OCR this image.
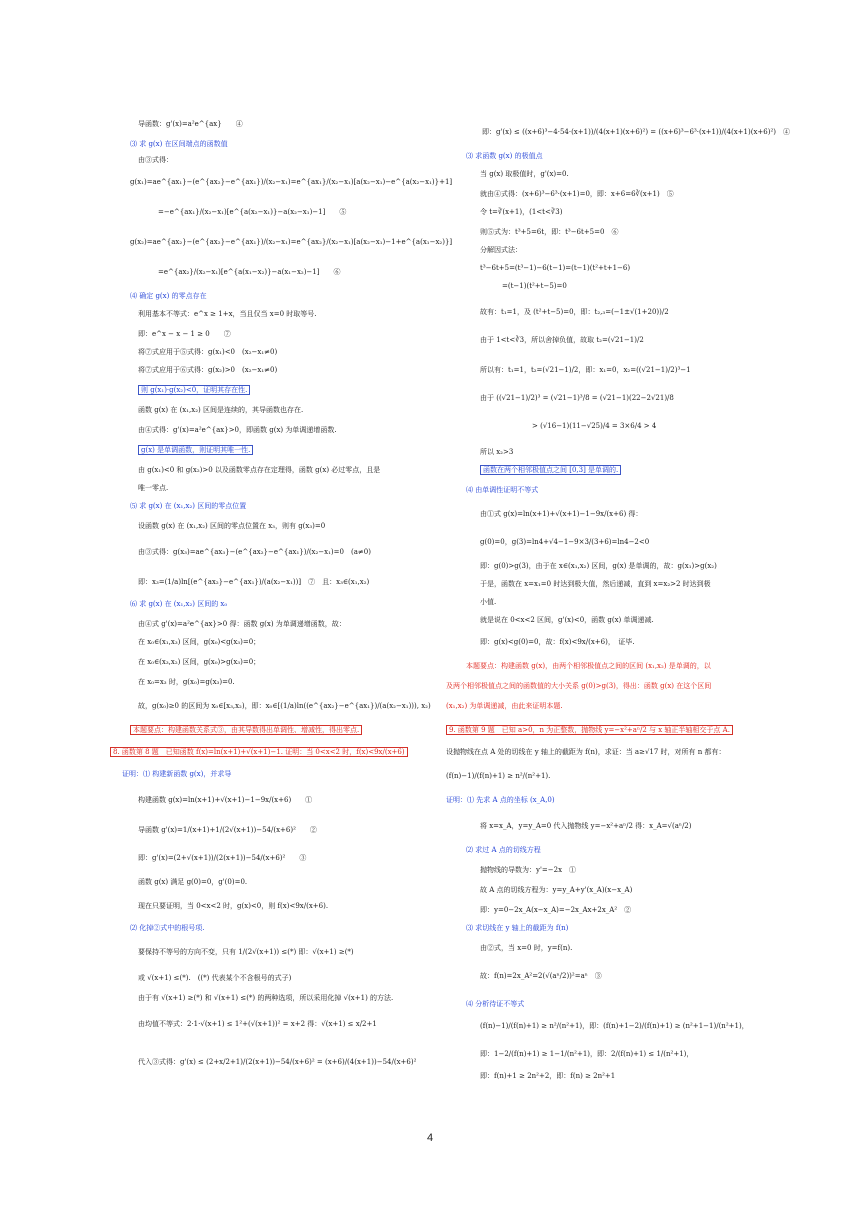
导函数：g'(x)=a²e^{ax}　　④
⑶ 求 g(x) 在区间端点的函数值
由③式得：
g(x₁)=ae^{ax₁}−(e^{ax₂}−e^{ax₁})/(x₂−x₁)=e^{ax₁}/(x₂−x₁)[a(x₂−x₁)−e^{a(x₂−x₁)}+1]
=−e^{ax₁}/(x₂−x₁)[e^{a(x₂−x₁)}−a(x₂−x₁)−1]　　⑤
g(x₂)=ae^{ax₂}−(e^{ax₂}−e^{ax₁})/(x₂−x₁)=e^{ax₂}/(x₂−x₁)[a(x₂−x₁)−1+e^{a(x₁−x₂)}]
=e^{ax₂}/(x₂−x₁)[e^{a(x₁−x₂)}−a(x₁−x₂)−1]　　⑥
⑷ 确定 g(x) 的零点存在
利用基本不等式：e^x ≥ 1+x，当且仅当 x=0 时取等号.
即：e^x − x − 1 ≥ 0　　⑦
将⑦式应用于⑤式得：g(x₁)<0　(x₂−x₁≠0)
将⑦式应用于⑥式得：g(x₂)>0　(x₂−x₁≠0)
则 g(x₁)·g(x₂)<0，证明其存在性.
函数 g(x) 在 (x₁,x₂) 区间是连续的，其导函数也存在.
由④式得：g'(x)=a²e^{ax}>0，即函数 g(x) 为单调递增函数.
g(x) 是单调函数，则证明其唯一性.
由 g(x₁)<0 和 g(x₂)>0 以及函数零点存在定理得，函数 g(x) 必过零点，且是
唯一零点.
⑸ 求 g(x) 在 (x₁,x₂) 区间的零点位置
设函数 g(x) 在 (x₁,x₂) 区间的零点位置在 x₃，则有 g(x₃)=0
由③式得：g(x₃)=ae^{ax₃}−(e^{ax₂}−e^{ax₁})/(x₂−x₁)=0　(a≠0)
即：x₃=(1/a)ln[(e^{ax₂}−e^{ax₁})/(a(x₂−x₁))]　⑦　且：x₃∈(x₁,x₂)
⑹ 求 g(x) 在 (x₁,x₂) 区间的 x₀
由④式 g'(x)=a²e^{ax}>0 得：函数 g(x) 为单调递增函数，故：
在 x₀∈(x₁,x₃) 区间，g(x₀)<g(x₃)=0；
在 x₀∈(x₃,x₂) 区间，g(x₀)>g(x₃)=0；
在 x₀=x₃ 时，g(x₀)=g(x₃)=0.
故，g(x₀)≥0 的区间为 x₀∈[x₃,x₂)，即：x₀∈[(1/a)ln((e^{ax₂}−e^{ax₁})/(a(x₂−x₁))), x₂)
本题要点：构建函数关系式③，由其导数得出单调性、增减性，得出零点.
8. 函数第 8 题　已知函数 f(x)=ln(x+1)+√(x+1)−1. 证明：当 0<x<2 时，f(x)<9x/(x+6)
证明：⑴ 构建新函数 g(x)，并求导
构建函数 g(x)=ln(x+1)+√(x+1)−1−9x/(x+6)　　①
导函数 g'(x)=1/(x+1)+1/(2√(x+1))−54/(x+6)²　　②
即：g'(x)=(2+√(x+1))/(2(x+1))−54/(x+6)²　　③
函数 g(x) 满足 g(0)=0，g'(0)=0.
现在只要证明，当 0<x<2 时，g(x)<0，则 f(x)<9x/(x+6).
⑵ 化掉②式中的根号项.
要保持不等号的方向不变，只有 1/(2√(x+1)) ≤(*) 即：√(x+1) ≥(*)
或 √(x+1) ≤(*).　((*) 代表某个不含根号的式子)
由于有 √(x+1) ≥(*) 和 √(x+1) ≤(*) 的两种选项，所以采用化掉 √(x+1) 的方法.
由均值不等式：2·1·√(x+1) ≤ 1²+(√(x+1))² = x+2 得：√(x+1) ≤ x/2+1
代入③式得：g'(x) ≤ (2+x/2+1)/(2(x+1))−54/(x+6)² = (x+6)/(4(x+1))−54/(x+6)²
即：g'(x) ≤ ((x+6)³−4·54·(x+1))/(4(x+1)(x+6)²) = ((x+6)³−6³·(x+1))/(4(x+1)(x+6)²)　④
⑶ 求函数 g(x) 的极值点
当 g(x) 取极值时，g'(x)=0.
就由④式得：(x+6)³−6³·(x+1)=0，即：x+6=6∛(x+1)　⑤
令 t=∛(x+1)，(1<t<∛3)
则⑤式为：t³+5=6t，即：t³−6t+5=0　⑥
分解因式法：
t³−6t+5=(t³−1)−6(t−1)=(t−1)(t²+t+1−6)
=(t−1)(t²+t−5)=0
故有：t₁=1，及 (t²+t−5)=0，即：t₂,₃=(−1±√(1+20))/2
由于 1<t<∛3，所以舍掉负值，故取 t₂=(√21−1)/2
所以有：t₁=1，t₂=(√21−1)/2，即：x₁=0，x₂=((√21−1)/2)³−1
由于 ((√21−1)/2)³ = (√21−1)³/8 = (√21−1)(22−2√21)/8
> (√16−1)(11−√25)/4 = 3×6/4 > 4
所以 x₂>3
函数在两个相邻极值点之间 [0,3] 是单调的.
⑷ 由单调性证明不等式
由①式 g(x)=ln(x+1)+√(x+1)−1−9x/(x+6) 得：
g(0)=0，g(3)=ln4+√4−1−9×3/(3+6)=ln4−2<0
即：g(0)>g(3)，由于在 x∈(x₁,x₂) 区间，g(x) 是单调的，故：g(x₁)>g(x₂)
于是，函数在 x=x₁=0 时达到极大值，然后递减，直到 x=x₂>2 时达到极
小值.
就是说在 0<x<2 区间，g'(x)<0，函数 g(x) 单调递减.
即：g(x)<g(0)=0，故：f(x)<9x/(x+6)，　证毕.
本题要点：构建函数 g(x)，由两个相邻极值点之间的区间 (x₁,x₂) 是单调的，以
及两个相邻极值点之间的函数值的大小关系 g(0)>g(3)，得出：函数 g(x) 在这个区间
(x₁,x₂) 为单调递减，由此来证明本题.
9. 函数第 9 题　已知 a>0，n 为正整数，抛物线 y=−x²+aⁿ/2 与 x 轴正半轴相交于点 A.
设抛物线在点 A 处的切线在 y 轴上的截距为 f(n)，求证：当 a≥√17 时，对所有 n 都有：
(f(n)−1)/(f(n)+1) ≥ n²/(n²+1).
证明：⑴ 先求 A 点的坐标 (x_A,0)
将 x=x_A，y=y_A=0 代入抛物线 y=−x²+aⁿ/2 得：x_A=√(aⁿ/2)
⑵ 求过 A 点的切线方程
抛物线的导数为：y'=−2x　①
故 A 点的切线方程为：y=y_A+y'(x_A)(x−x_A)
即：y=0−2x_A(x−x_A)=−2x_Ax+2x_A²　②
⑶ 求切线在 y 轴上的截距为 f(n)
由②式，当 x=0 时，y=f(n).
故：f(n)=2x_A²=2(√(aⁿ/2))²=aⁿ　③
⑷ 分析待证不等式
(f(n)−1)/(f(n)+1) ≥ n²/(n²+1)，即：(f(n)+1−2)/(f(n)+1) ≥ (n²+1−1)/(n²+1)，
即：1−2/(f(n)+1) ≥ 1−1/(n²+1)，即：2/(f(n)+1) ≤ 1/(n²+1)，
即：f(n)+1 ≥ 2n²+2，即：f(n) ≥ 2n²+1
4
